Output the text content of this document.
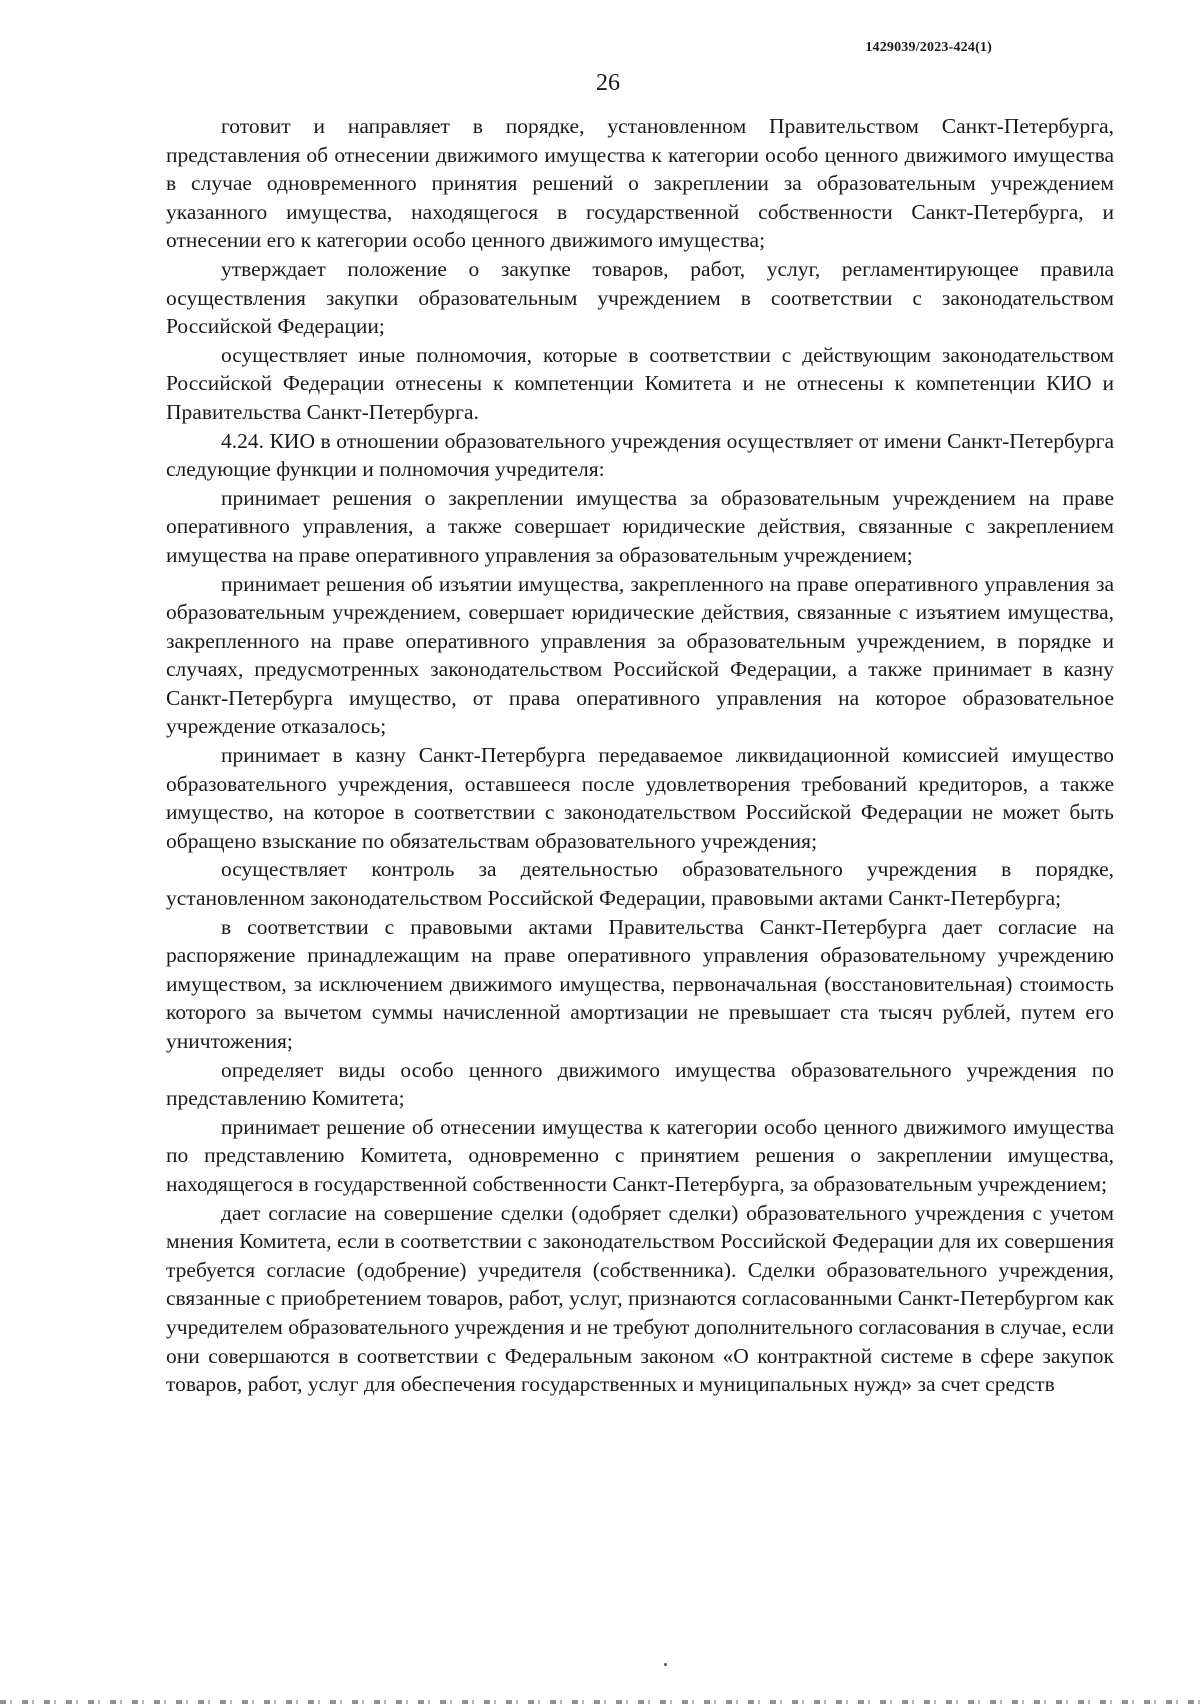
1429039/2023-424(1)
26

готовит и направляет в порядке, установленном Правительством Санкт-Петербурга, представления об отнесении движимого имущества к категории особо ценного движимого имущества в случае одновременного принятия решений о закреплении за образовательным учреждением указанного имущества, находящегося в государственной собственности Санкт-Петербурга, и отнесении его к категории особо ценного движимого имущества;

утверждает положение о закупке товаров, работ, услуг, регламентирующее правила осуществления закупки образовательным учреждением в соответствии с законодательством Российской Федерации;

осуществляет иные полномочия, которые в соответствии с действующим законодательством Российской Федерации отнесены к компетенции Комитета и не отнесены к компетенции КИО и Правительства Санкт-Петербурга.

4.24. КИО в отношении образовательного учреждения осуществляет от имени Санкт-Петербурга следующие функции и полномочия учредителя:

принимает решения о закреплении имущества за образовательным учреждением на праве оперативного управления, а также совершает юридические действия, связанные с закреплением имущества на праве оперативного управления за образовательным учреждением;

принимает решения об изъятии имущества, закрепленного на праве оперативного управления за образовательным учреждением, совершает юридические действия, связанные с изъятием имущества, закрепленного на праве оперативного управления за образовательным учреждением, в порядке и случаях, предусмотренных законодательством Российской Федерации, а также принимает в казну Санкт-Петербурга имущество, от права оперативного управления на которое образовательное учреждение отказалось;

принимает в казну Санкт-Петербурга передаваемое ликвидационной комиссией имущество образовательного учреждения, оставшееся после удовлетворения требований кредиторов, а также имущество, на которое в соответствии с законодательством Российской Федерации не может быть обращено взыскание по обязательствам образовательного учреждения;

осуществляет контроль за деятельностью образовательного учреждения в порядке, установленном законодательством Российской Федерации, правовыми актами Санкт-Петербурга;

в соответствии с правовыми актами Правительства Санкт-Петербурга дает согласие на распоряжение принадлежащим на праве оперативного управления образовательному учреждению имуществом, за исключением движимого имущества, первоначальная (восстановительная) стоимость которого за вычетом суммы начисленной амортизации не превышает ста тысяч рублей, путем его уничтожения;

определяет виды особо ценного движимого имущества образовательного учреждения по представлению Комитета;

принимает решение об отнесении имущества к категории особо ценного движимого имущества по представлению Комитета, одновременно с принятием решения о закреплении имущества, находящегося в государственной собственности Санкт-Петербурга, за образовательным учреждением;

дает согласие на совершение сделки (одобряет сделки) образовательного учреждения с учетом мнения Комитета, если в соответствии с законодательством Российской Федерации для их совершения требуется согласие (одобрение) учредителя (собственника). Сделки образовательного учреждения, связанные с приобретением товаров, работ, услуг, признаются согласованными Санкт-Петербургом как учредителем образовательного учреждения и не требуют дополнительного согласования в случае, если они совершаются в соответствии с Федеральным законом «О контрактной системе в сфере закупок товаров, работ, услуг для обеспечения государственных и муниципальных нужд» за счет средств
